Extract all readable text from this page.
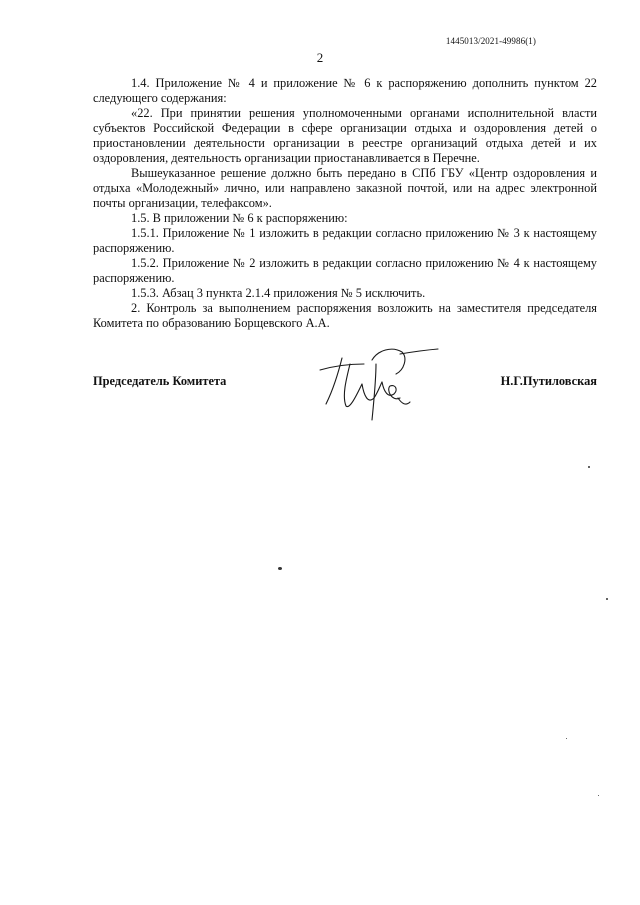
1445013/2021-49986(1)
2

1.4. Приложение № 4 и приложение № 6 к распоряжению дополнить пунктом 22 следующего содержания:

«22. При принятии решения уполномоченными органами исполнительной власти субъектов Российской Федерации в сфере организации отдыха и оздоровления детей о приостановлении деятельности организации в реестре организаций отдыха детей и их оздоровления, деятельность организации приостанавливается в Перечне.

Вышеуказанное решение должно быть передано в СПб ГБУ «Центр оздоровления и отдыха «Молодежный» лично, или направлено заказной почтой, или на адрес электронной почты организации, телефаксом».

1.5. В приложении № 6 к распоряжению:

1.5.1. Приложение № 1 изложить в редакции согласно приложению № 3 к настоящему распоряжению.

1.5.2. Приложение № 2 изложить в редакции согласно приложению № 4 к настоящему распоряжению.

1.5.3. Абзац 3 пункта 2.1.4 приложения № 5 исключить.

2. Контроль за выполнением распоряжения возложить на заместителя председателя Комитета по образованию Борщевского А.А.

Председатель Комитета	Н.Г.Путиловская
